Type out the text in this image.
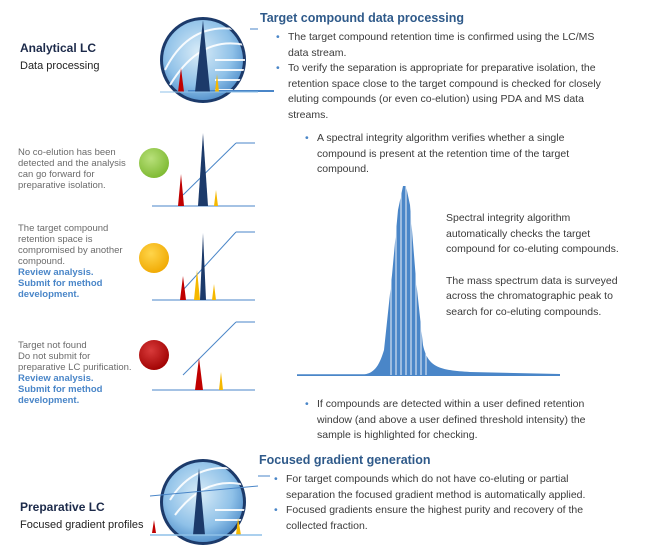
Analytical LC
Data processing
No co-elution has been
detected and the analysis
can go forward for
preparative isolation.
The target compound
retention space is
compromised by another
compound.
Review analysis.
Submit for method
development.
Target not found
Do not submit for
preparative LC purification.
Review analysis.
Submit for method
development.
Preparative LC
Focused gradient profiles
Target compound data processing
• The target compound retention time is confirmed using the LC/MS
data stream.
• To verify the separation is appropriate for preparative isolation, the
retention space close to the target compound is checked for closely
eluting compounds (or even co-elution) using PDA and MS data
streams.
• A spectral integrity algorithm verifies whether a single
compound is present at the retention time of the target
compound.
Spectral integrity algorithm
automatically checks the target
compound for co-eluting compounds.
The mass spectrum data is surveyed
across the chromatographic peak to
search for co-eluting compounds.
• If compounds are detected within a user defined retention
window (and above a user defined threshold intensity) the
sample is highlighted for checking.
Focused gradient generation
• For target compounds which do not have co-eluting or partial
separation the focused gradient method is automatically applied.
• Focused gradients ensure the highest purity and recovery of the
collected fraction.
